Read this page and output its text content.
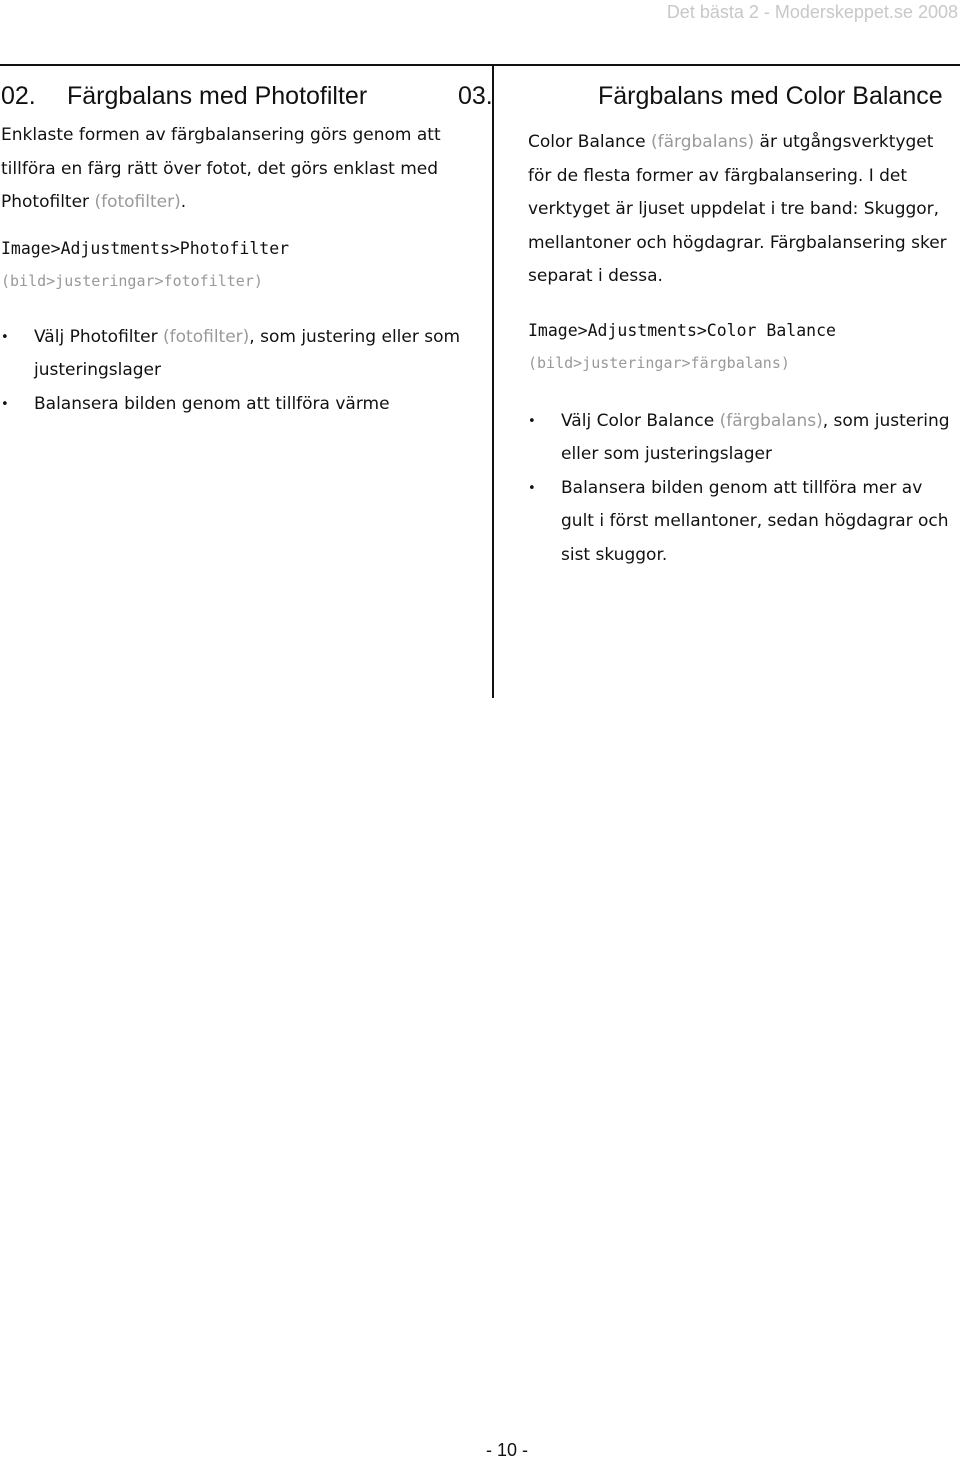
Det bästa 2 - Moderskeppet.se 2008
02. Färgbalans med Photofilter

Enklaste formen av färgbalansering görs genom att tillföra en färg rätt över fotot, det görs enklast med Photofilter (fotofilter).

Image>Adjustments>Photofilter
(bild>justeringar>fotofilter)
• Välj Photofilter (fotofilter), som justering eller som justeringslager
• Balansera bilden genom att tillföra värme
03.	Färgbalans med Color Balance

Color Balance (färgbalans) är utgångsverktyget för de flesta former av färgbalansering. I det verktyget är ljuset uppdelat i tre band: Skuggor, mellantoner och högdagrar. Färgbalansering sker separat i dessa.

Image>Adjustments>Color Balance
(bild>justeringar>färgbalans)
• Välj Color Balance (färgbalans), som justering eller som justeringslager
• Balansera bilden genom att tillföra mer av gult i först mellantoner, sedan högdagrar och sist skuggor.
- 10 -
